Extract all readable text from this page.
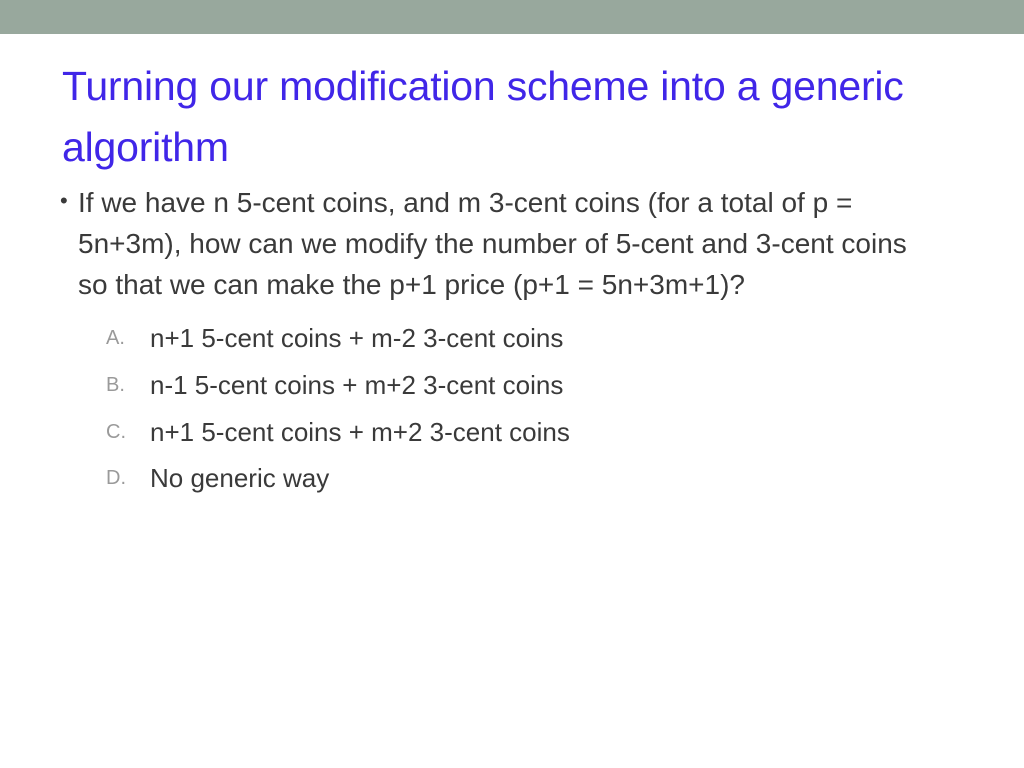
Turning our modification scheme into a generic algorithm
• If we have n 5-cent coins, and m 3-cent coins (for a total of p = 5n+3m), how can we modify the number of 5-cent and 3-cent coins so that we can make the p+1 price (p+1 = 5n+3m+1)?
A. n+1 5-cent coins + m-2 3-cent coins
B. n-1 5-cent coins + m+2 3-cent coins
C. n+1 5-cent coins + m+2 3-cent coins
D. No generic way
